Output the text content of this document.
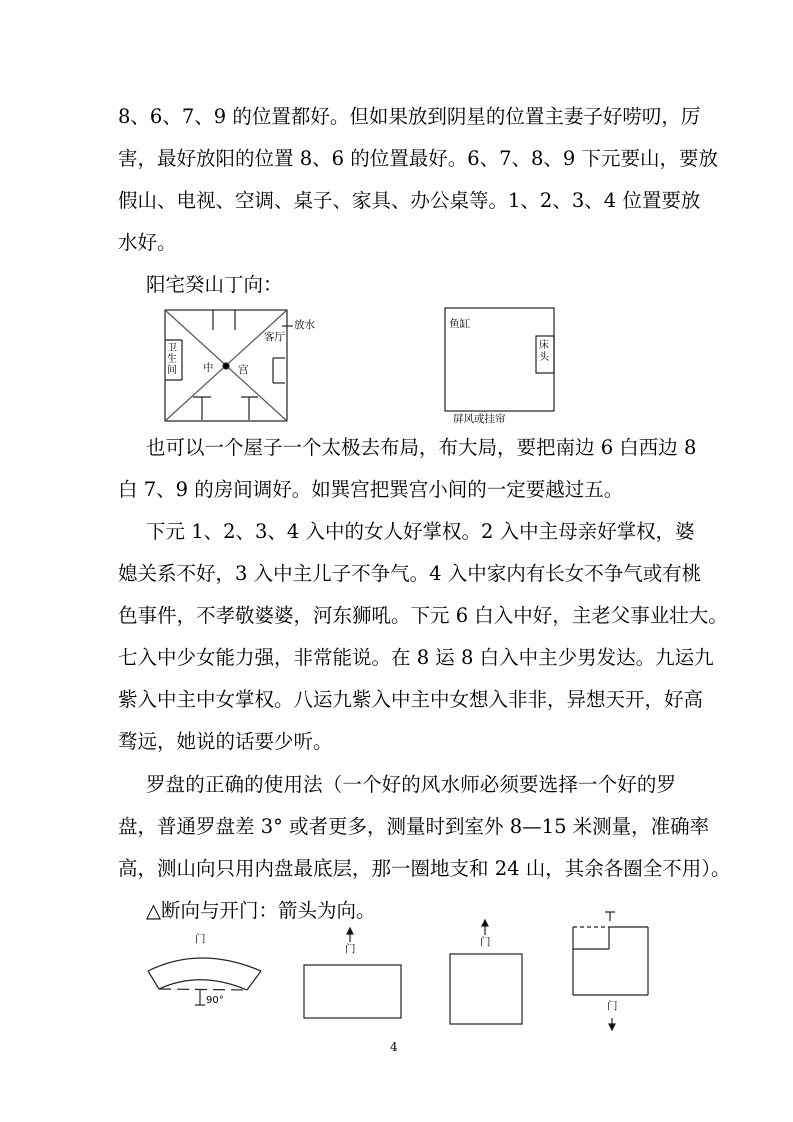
8、6、7、9 的位置都好。但如果放到阴星的位置主妻子好唠叨，厉
害，最好放阳的位置 8、6 的位置最好。6、7、8、9 下元要山，要放
假山、电视、空调、桌子、家具、办公桌等。1、2、3、4 位置要放
水好。
阳宅癸山丁向：
也可以一个屋子一个太极去布局，布大局，要把南边 6 白西边 8
白 7、9 的房间调好。如巽宫把巽宫小间的一定要越过五。
下元 1、2、3、4 入中的女人好掌权。2 入中主母亲好掌权，婆
媳关系不好，3 入中主儿子不争气。4 入中家内有长女不争气或有桃
色事件，不孝敬婆婆，河东狮吼。下元 6 白入中好，主老父事业壮大。
七入中少女能力强，非常能说。在 8 运 8 白入中主少男发达。九运九
紫入中主中女掌权。八运九紫入中主中女想入非非，异想天开，好高
骛远，她说的话要少听。
罗盘的正确的使用法（一个好的风水师必须要选择一个好的罗
盘，普通罗盘差 3° 或者更多，测量时到室外 8—15 米测量，准确率
高，测山向只用内盘最底层，那一圈地支和 24 山，其余各圈全不用）。
△断向与开门：箭头为向。
卫生间 中 宫
客厅
放水	鱼缸
床头
屏风或挂帘
门
90°
门
门
门
4
